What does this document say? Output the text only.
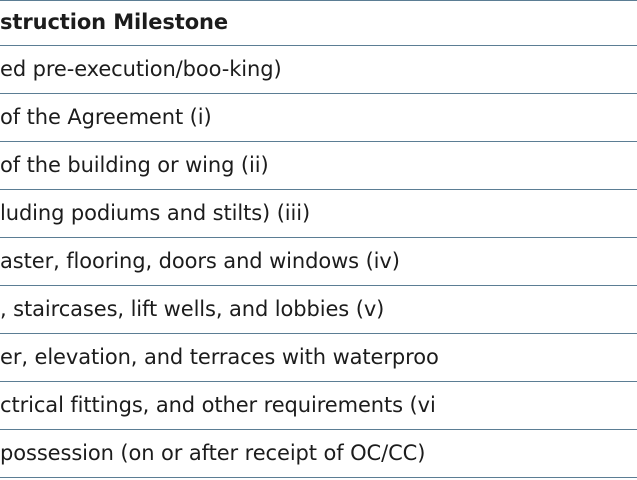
struction Milestone
ed pre-execution/boo-king)
of the Agreement (i)
of the building or wing (ii)
luding podiums and stilts) (iii)
aster, flooring, doors and windows (iv)
, staircases, lift wells, and lobbies (v)
er, elevation, and terraces with waterproo
ctrical fittings, and other requirements (vi
possession (on or after receipt of OC/CC)
